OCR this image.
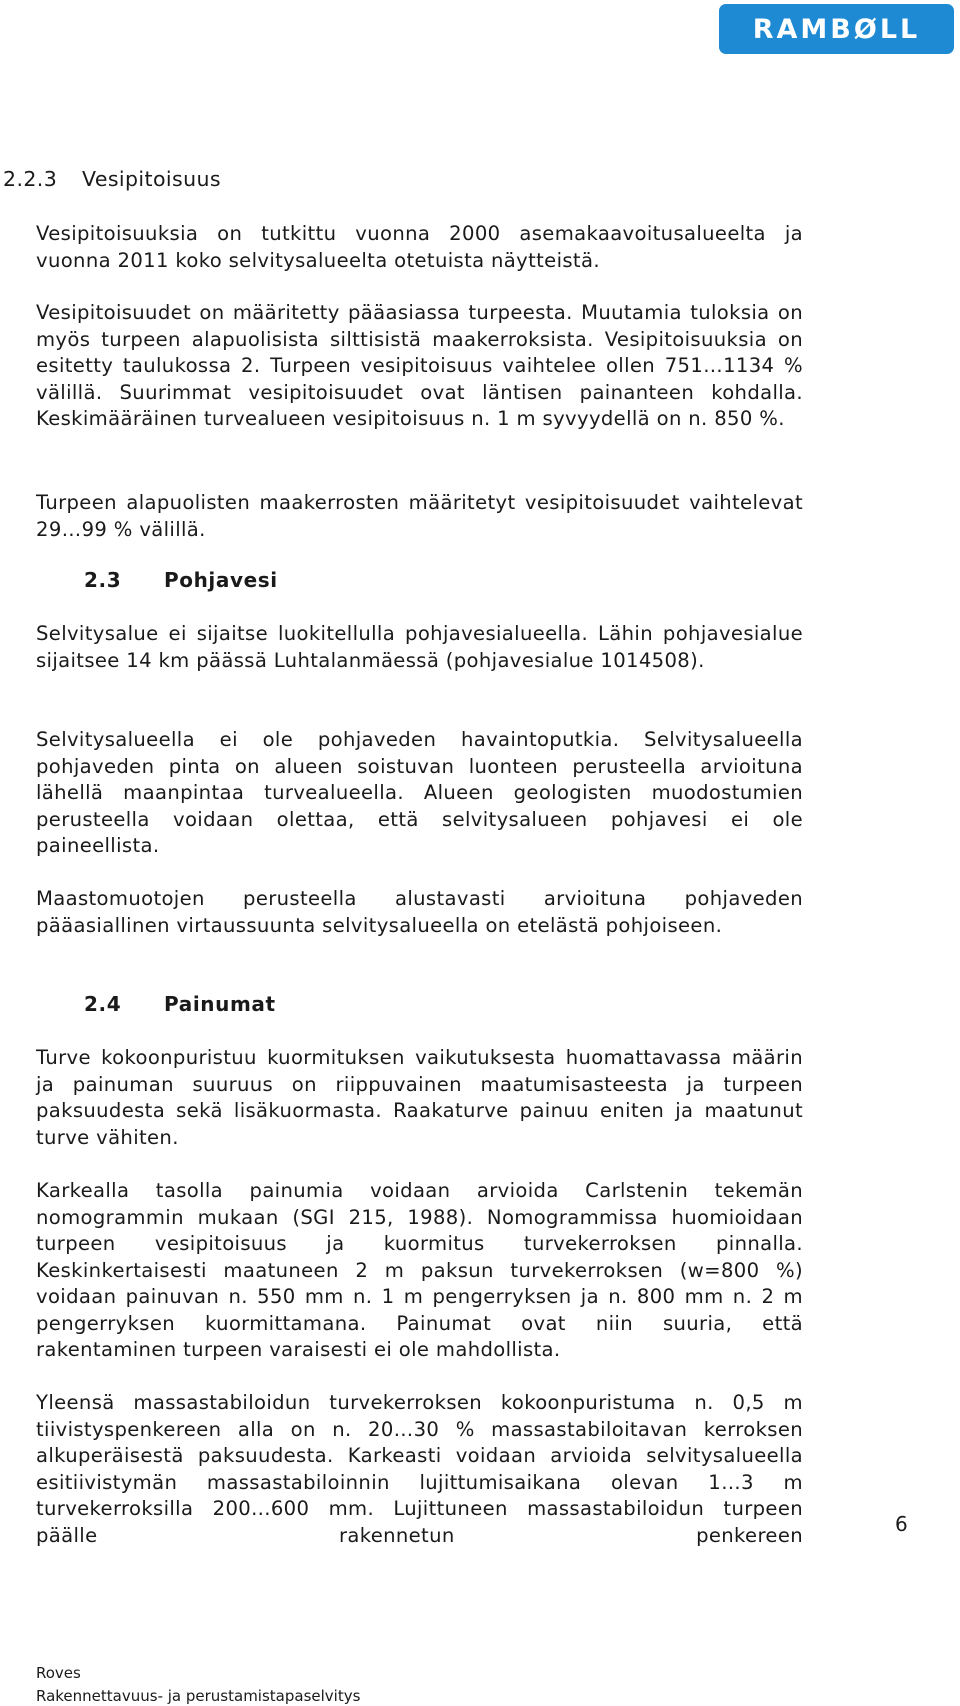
RAMBØLL
2.2.3 Vesipitoisuus

Vesipitoisuuksia on tutkittu vuonna 2000 asemakaavoitusalueelta ja vuonna 2011 koko selvitysalueelta otetuista näytteistä.

Vesipitoisuudet on määritetty pääasiassa turpeesta. Muutamia tuloksia on myös turpeen alapuolisista silttisistä maakerroksista. Vesipitoisuuksia on esitetty taulukossa 2. Turpeen vesipitoisuus vaihtelee ollen 751…1134 % välillä. Suurimmat vesipitoisuudet ovat läntisen painanteen kohdalla. Keskimääräinen turvealueen vesipitoisuus n. 1 m syvyydellä on n. 850 %.

Turpeen alapuolisten maakerrosten määritetyt vesipitoisuudet vaihtelevat 29…99 % välillä.

2.3 Pohjavesi

Selvitysalue ei sijaitse luokitellulla pohjavesialueella. Lähin pohjavesialue sijaitsee 14 km päässä Luhtalanmäessä (pohjavesialue 1014508).

Selvitysalueella ei ole pohjaveden havaintoputkia. Selvitysalueella pohjaveden pinta on alueen soistuvan luonteen perusteella arvioituna lähellä maanpintaa turvealueella. Alueen geologisten muodostumien perusteella voidaan olettaa, että selvitysalueen pohjavesi ei ole paineellista.

Maastomuotojen perusteella alustavasti arvioituna pohjaveden pääasiallinen virtaussuunta selvitysalueella on etelästä pohjoiseen.

2.4 Painumat

Turve kokoonpuristuu kuormituksen vaikutuksesta huomattavassa määrin ja painuman suuruus on riippuvainen maatumisasteesta ja turpeen paksuudesta sekä lisäkuormasta. Raakaturve painuu eniten ja maatunut turve vähiten.

Karkealla tasolla painumia voidaan arvioida Carlstenin tekemän nomogrammin mukaan (SGI 215, 1988). Nomogrammissa huomioidaan turpeen vesipitoisuus ja kuormitus turvekerroksen pinnalla. Keskinkertaisesti maatuneen 2 m paksun turvekerroksen (w=800 %) voidaan painuvan n. 550 mm n. 1 m pengerryksen ja n. 800 mm n. 2 m pengerryksen kuormittamana. Painumat ovat niin suuria, että rakentaminen turpeen varaisesti ei ole mahdollista.

Yleensä massastabiloidun turvekerroksen kokoonpuristuma n. 0,5 m tiivistyspenkereen alla on n. 20…30 % massastabiloitavan kerroksen alkuperäisestä paksuudesta. Karkeasti voidaan arvioida selvitysalueella esitiivistymän massastabiloinnin lujittumisaikana olevan 1…3 m turvekerroksilla 200...600 mm. Lujittuneen massastabiloidun turpeen päälle rakennetun penkereen	6
Roves
Rakennettavuus- ja perustamistapaselvitys
